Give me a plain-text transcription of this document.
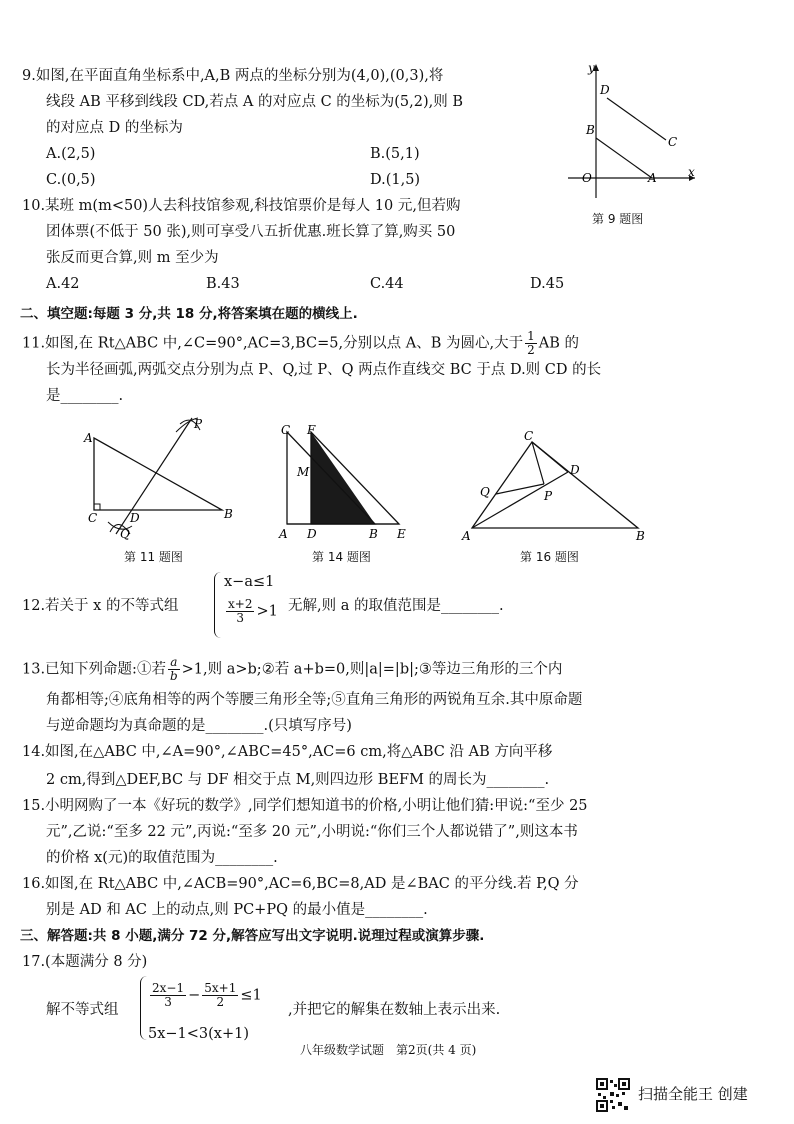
9.如图,在平面直角坐标系中,A,B 两点的坐标分别为(4,0),(0,3),将
线段 AB 平移到线段 CD,若点 A 的对应点 C 的坐标为(5,2),则 B
的对应点 D 的坐标为
A.(2,5)	B.(5,1)
C.(0,5)	D.(1,5)
y
x
O	A
B
C
D
第 9 题图
10.某班 m(m<50)人去科技馆参观,科技馆票价是每人 10 元,但若购
团体票(不低于 50 张),则可享受八五折优惠.班长算了算,购买 50
张反而更合算,则 m 至少为
A.42	B.43	C.44	D.45
二、填空题:每题 3 分,共 18 分,将答案填在题的横线上.
11.如图,在 Rt△ABC 中,∠C=90°,AC=3,BC=5,分别以点 A、B 为圆心,大于 $\frac{1}{2}$ AB 的
长为半径画弧,两弧交点分别为点 P、Q,过 P、Q 两点作直线交 BC 于点 D.则 CD 的长
是________.
A
B
C	D
P
Q
第 11 题图
C F
M
A D	B E
第 14 题图
C
D
Q	P
A	B
第 16 题图
12.若关于 x 的不等式组
x−a≤1
$\frac{x+2}{3} >1$ 无解,则 a 的取值范围是________.
13.已知下列命题:①若 $\frac{a}{b} >1$,则 a>b;②若 a+b=0,则|a|=|b|;③等边三角形的三个内
角都相等;④底角相等的两个等腰三角形全等;⑤直角三角形的两锐角互余.其中原命题
与逆命题均为真命题的是________.(只填写序号)
14.如图,在△ABC 中,∠A=90°,∠ABC=45°,AC=6 cm,将△ABC 沿 AB 方向平移
2 cm,得到△DEF,BC 与 DF 相交于点 M,则四边形 BEFM 的周长为________.
15.小明网购了一本《好玩的数学》,同学们想知道书的价格,小明让他们猜:甲说:“至少 25
元”,乙说:“至多 22 元”,丙说:“至多 20 元”,小明说:“你们三个人都说错了”,则这本书
的价格 x(元)的取值范围为________.
16.如图,在 Rt△ABC 中,∠ACB=90°,AC=6,BC=8,AD 是∠BAC 的平分线.若 P,Q 分
别是 AD 和 AC 上的动点,则 PC+PQ 的最小值是________.
三、解答题:共 8 小题,满分 72 分,解答应写出文字说明.说理过程或演算步骤.
17.(本题满分 8 分)
解不等式组
$\frac{2x-1}{3} - \frac{5x+1}{2} \le 1$
,并把它的解集在数轴上表示出来.
5x−1<3(x+1)
八年级数学试题　第2页(共 4 页)
扫描全能王 创建
